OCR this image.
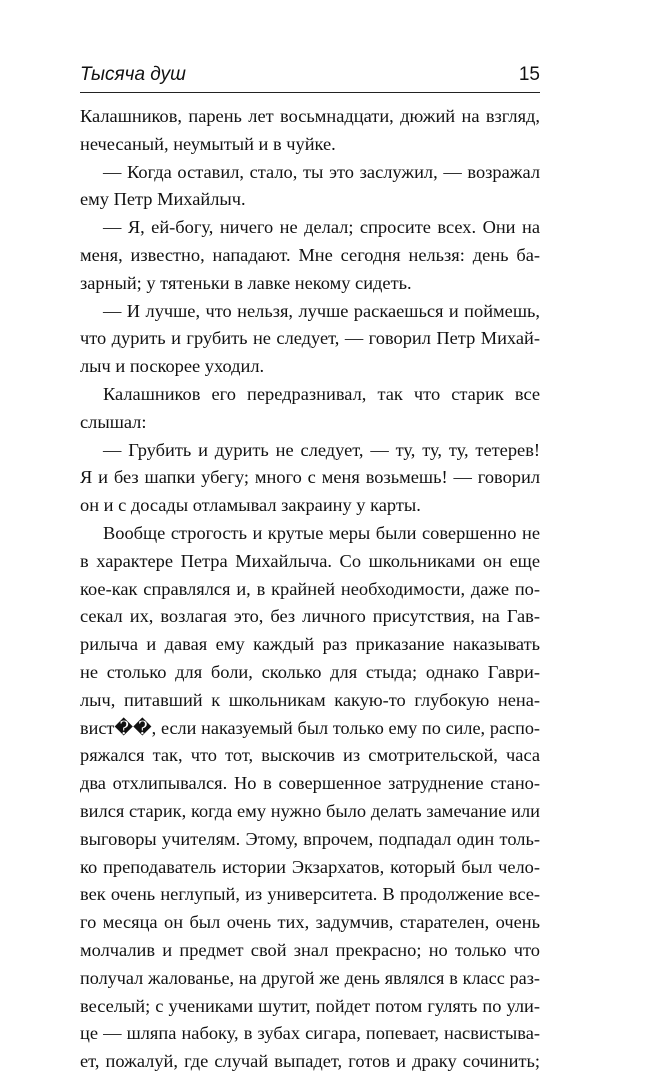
Тысяча душ	15
Калашников, парень лет восьмнадцати, дюжий на взгляд,
нечесаный, неумытый и в чуйке.
— Когда оставил, стало, ты это заслужил, — возражал
ему Петр Михайлыч.
— Я, ей-богу, ничего не делал; спросите всех. Они на
меня, известно, нападают. Мне сегодня нельзя: день ба-
зарный; у тятеньки в лавке некому сидеть.
— И лучше, что нельзя, лучше раскаешься и поймешь,
что дурить и грубить не следует, — говорил Петр Михай-
лыч и поскорее уходил.
Калашников его передразнивал, так что старик все
слышал:
— Грубить и дурить не следует, — ту, ту, ту, тетерев!
Я и без шапки убегу; много с меня возьмешь! — говорил
он и с досады отламывал закраину у карты.
Вообще строгость и крутые меры были совершенно не
в характере Петра Михайлыча. Со школьниками он еще
кое-как справлялся и, в крайней необходимости, даже по-
секал их, возлагая это, без личного присутствия, на Гав-
рилыча и давая ему каждый раз приказание наказывать
не столько для боли, сколько для стыда; однако Гаври-
лыч, питавший к школьникам какую-то глубокую нена-
вист��, если наказуемый был только ему по силе, распо-
ряжался так, что тот, выскочив из смотрительской, часа
два отхлипывался. Но в совершенное затруднение стано-
вился старик, когда ему нужно было делать замечание или
выговоры учителям. Этому, впрочем, подпадал один толь-
ко преподаватель истории Экзархатов, который был чело-
век очень неглупый, из университета. В продолжение все-
го месяца он был очень тих, задумчив, старателен, очень
молчалив и предмет свой знал прекрасно; но только что
получал жалованье, на другой же день являлся в класс раз-
веселый; с учениками шутит, пойдет потом гулять по ули-
це — шляпа набоку, в зубах сигара, попевает, насвистыва-
ет, пожалуй, где случай выпадет, готов и драку сочинить;
